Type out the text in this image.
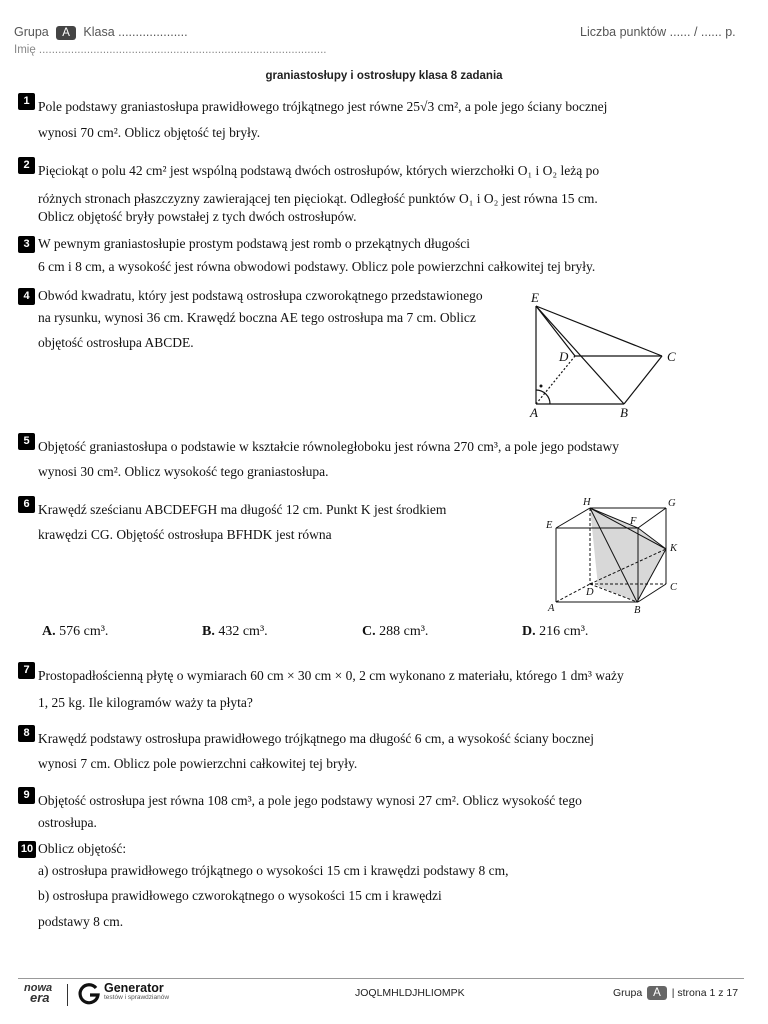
Grupa A Klasa ....................
Imię ..........................................................................................
Liczba punktów ...... / ...... p.
graniastosłupy i ostrosłupy klasa 8 zadania
1 Pole podstawy graniastosłupa prawidłowego trójkątnego jest równe 25√3 cm², a pole jego ściany bocznej
wynosi 70 cm². Oblicz objętość tej bryły.
2 Pięciokąt o polu 42 cm² jest wspólną podstawą dwóch ostrosłupów, których wierzchołki O₁ i O₂ leżą po
różnych stronach płaszczyzny zawierającej ten pięciokąt. Odległość punktów O₁ i O₂ jest równa 15 cm.
Oblicz objętość bryły powstałej z tych dwóch ostrosłupów.
3 W pewnym graniastosłupie prostym podstawą jest romb o przekątnych długości
6 cm i 8 cm, a wysokość jest równa obwodowi podstawy. Oblicz pole powierzchni całkowitej tej bryły.
4 Obwód kwadratu, który jest podstawą ostrosłupa czworokątnego przedstawionego
na rysunku, wynosi 36 cm. Krawędź boczna AE tego ostrosłupa ma 7 cm. Oblicz
objętość ostrosłupa ABCDE.
E
D	C
A	B
5 Objętość graniastosłupa o podstawie w kształcie równoległoboku jest równa 270 cm³, a pole jego podstawy
wynosi 30 cm². Oblicz wysokość tego graniastosłupa.
6 Krawędź sześcianu ABCDEFGH ma długość 12 cm. Punkt K jest środkiem
krawędzi CG. Objętość ostrosłupa BFHDK jest równa
H	G
E	F
K
D	C
A	B
A. 576 cm³.	B. 432 cm³.	C. 288 cm³.	D. 216 cm³.
7 Prostopadłościenną płytę o wymiarach 60 cm × 30 cm × 0, 2 cm wykonano z materiału, którego 1 dm³ waży
1, 25 kg. Ile kilogramów waży ta płyta?
8 Krawędź podstawy ostrosłupa prawidłowego trójkątnego ma długość 6 cm, a wysokość ściany bocznej
wynosi 7 cm. Oblicz pole powierzchni całkowitej tej bryły.
9 Objętość ostrosłupa jest równa 108 cm³, a pole jego podstawy wynosi 27 cm². Oblicz wysokość tego
ostrosłupa.
10 Oblicz objętość:
a) ostrosłupa prawidłowego trójkątnego o wysokości 15 cm i krawędzi podstawy 8 cm,
b) ostrosłupa prawidłowego czworokątnego o wysokości 15 cm i krawędzi
podstawy 8 cm.
nowa
era
Generator
testów i sprawdzianów	JOQLMHLDJHLIOMPK	Grupa A | strona 1 z 17
